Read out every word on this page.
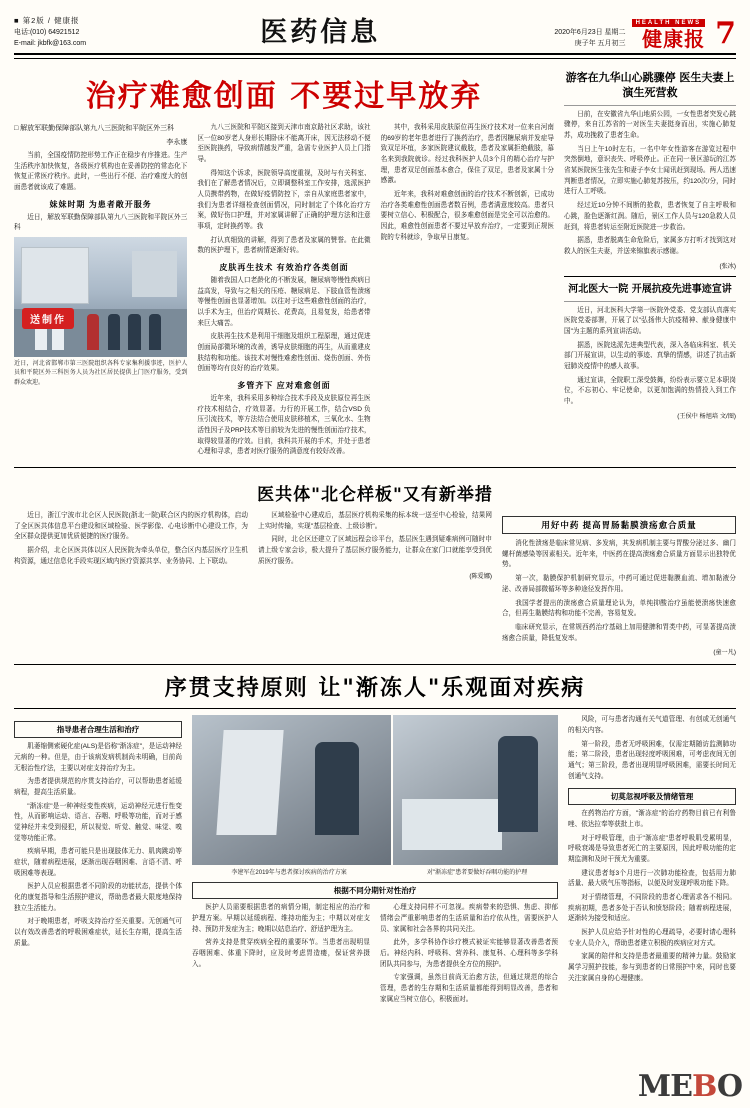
■ 第2版 / 健康报
电话:(010) 64921512
E-mail: jkbfk@163.com	医药信息	2020年6月23日 星期二
庚子年 五月初三
HEALTH NEWS
健康报 7
治疗难愈创面 不要过早放弃
□ 解放军联勤保障部队第九八三医院和平院区外三科
李永康

当前，全国疫情防控形势工作正在稳步有序推进。生产生活秩序加快恢复，各级医疗机构也在妥善防控的常态化下恢复正常医疗秩序。此时，一些出行不便、治疗难度大的创面患者就该成了难题。

妹妹时期 为患者敞开服务

近日，解放军联勤保障部队第九八三医院和平院区外三科

送制作
近日，河北省邯郸市第三医院组织各科专家集利援事迹，医护人员和平院区外三科医务人员为社区居民提供上门医疗服务，受到群众欢迎。

九八三医院和平院区接到天津市南京路社区求助，该社区一位80岁老人身形长期卧床不能离开床，因无法移动不便至医院换药，导致病情越发严重，急需专业医护人员上门指导。

得知这个诉求，医院领导高度重视，及时与有关科室、我们在了解患者情况后，立即调整科室工作安排，选派医护人员携带药物，在做好疫情防控下，亲自从家庭患者家中，我们为患者详细检查创面情况，同时制定了个体化治疗方案，做好伤口护理，并对家属讲解了正确的护理方法和注意事项，定时换药等。我

打认真细致的讲解，得到了患者及家属的赞誉。在此微数的医护理下，患者病情逐渐好转。

皮肤再生技术 有效治疗各类创面

随着我国人口老龄化的不断发展，糖尿病等慢性疾病日益高发，导致与之相关的压疮、糖尿病足、下肢血管性溃疡等慢性创面也显著增加。以往对于这些难愈性创面的治疗，以手术为主，但治疗周期长、花费高，且易复发，给患者带来巨大痛苦。

皮肤再生技术是利用干细胞及组织工程原理，通过促进创面局部微环境的改善，诱导皮肤细胞的再生，从而重建皮肤结构和功能。该技术对慢性难愈性创面、烧伤创面、外伤创面等均有良好的治疗效果。

多管齐下 应对难愈创面

近年来，我科采用多种综合技术手段及皮肤原位再生医疗技术相结合，疗效显著。力行的开展工作，结合VSD 负压引流技术，等方法结合使用皮肤移植术，三氧化水、生物活性因子及PRP技术等目前较为先进的慢性创面治疗技术，取得较显著的疗效。目前，我科共开展的手术，并处于患者心理和寻求，患者对医疗服务的满意度有较好改善。

其中，我科采用皮肤原位再生医疗技术对一位来自河南的69岁的老年患者进行了换药治疗，患者因糖尿病并发症导致双足坏疽，多家医院建议截肢，患者及家属拒绝截肢，慕名来到我院就诊。经过我科医护人员3个月的精心治疗与护理，患者双足创面基本愈合，保住了双足，患者及家属十分感激。

近年来，我科对难愈创面的治疗技术不断创新，已成功治疗各类难愈性创面患者数百例，患者满意度较高。患者只要树立信心、积极配合，很多难愈创面是完全可以治愈的。因此，难愈性创面患者不要过早放弃治疗，一定要到正规医院的专科就诊，争取早日康复。

游客在九华山心跳骤停 医生夫妻上演生死营救

日前，在安徽省九华山地质公园，一女性患者突发心跳骤停，来自江苏省的一对医生夫妻挺身而出，实施心肺复苏，成功挽救了患者生命。

当日上午10时左右，一名中年女性游客在游览过程中突然倒地，意识丧失、呼吸停止。正在同一景区游玩的江苏省某医院医生张先生和妻子李女士闻讯赶到现场。两人迅速判断患者情况，立即实施心肺复苏按压，约120次/分，同时进行人工呼吸。

经过近10分钟不间断的抢救，患者恢复了自主呼吸和心跳，脸色逐渐红润。随后，景区工作人员与120急救人员赶到，将患者转运至附近医院进一步救治。

据悉，患者脱离生命危险后，家属多方打听才找到这对救人的医生夫妻，并送来锦旗表示感谢。

(张冰)
河北医大一院 开展抗疫先进事迹宣讲

近日，河北医科大学第一医院外党委、党支部认真落实医院党委部署，开展了以"弘扬伟大抗疫精神、献身健康中国"为主题的系列宣讲活动。

据悉，医院选派先进典型代表，深入各临床科室、机关部门开展宣讲，以生动的事迹、真挚的情感，讲述了抗击新冠肺炎疫情中的感人故事。

通过宣讲，全院职工深受鼓舞，纷纷表示要立足本职岗位，不忘初心、牢记使命，以更加饱满的热情投入到工作中。

(王侯中 杨旭培 文/图)
医共体"北仑样板"又有新举措

近日，浙江宁波市北仑区人民医院(浙北一院)联合区内的医疗机构体，启动了全区医共体信息平台建设和区域检验、医学影像、心电诊断中心建设工作，为全区群众提供更加优质便捷的医疗服务。

据介绍，北仑区医共体以区人民医院为牵头单位，整合区内基层医疗卫生机构资源，通过信息化手段实现区域内医疗资源共享、业务协同、上下联动。

区域检验中心建成后，基层医疗机构采集的标本统一送至中心检验，结果网上实时传输，实现"基层检查、上级诊断"。

同时，北仑区还建立了区域远程会诊平台，基层医生遇到疑难病例可随时申请上级专家会诊，极大提升了基层医疗服务能力，让群众在家门口就能享受到优质医疗服务。

(陈爱娜)
用好中药 提高胃肠黏膜溃疡愈合质量

消化性溃疡是临床常见病、多发病，其发病机制主要与胃酸分泌过多、幽门螺杆菌感染等因素相关。近年来，中医药在提高溃疡愈合质量方面显示出独特优势。

第一次，黏膜保护机制研究显示，中药可通过促进黏膜血流、增加黏液分泌、改善局部微循环等多种途径发挥作用。

我国学者提出的溃疡愈合质量理论认为，单纯抑酸治疗虽能使溃疡快速愈合，但再生黏膜结构和功能不完善，容易复发。

临床研究显示，在常规西药治疗基础上加用健脾和胃类中药，可显著提高溃疡愈合质量，降低复发率。

(童一凡)
序贯支持原则 让"渐冻人"乐观面对疾病
指导患者合理生活和治疗

肌萎缩侧索硬化症(ALS)是俗称"渐冻症"，是运动神经元病的一种。但是，由于该病发病机制尚未明确，目前尚无根治性疗法，主要以对症支持治疗为主。

为患者提供规范的序贯支持治疗，可以帮助患者延缓病程，提高生活质量。

"渐冻症"是一种神经变性疾病，运动神经元进行性变性，从而影响运动、语言、吞咽、呼吸等功能，而对于感觉神经并未受到侵犯，所以视觉、听觉、触觉、味觉、嗅觉等功能正常。

疾病早期，患者可能只是出现肢体无力、肌肉跳动等症状，随着病程进展，逐渐出现吞咽困难、言语不清、呼吸困难等表现。

医护人员应根据患者不同阶段的功能状态，提供个体化的康复指导和生活照护建议，帮助患者最大限度地保持独立生活能力。

对于晚期患者，呼吸支持治疗至关重要。无创通气可以有效改善患者的呼吸困难症状，延长生存期，提高生活质量。

李建军在2019年与患者探讨疾病的治疗方案	对"渐冻症"患者要做好吞咽功能的护理
根据不同分期针对性治疗

医护人员需要根据患者的病情分期，制定相应的治疗和护理方案。早期以延缓病程、维持功能为主；中期以对症支持、预防并发症为主；晚期以姑息治疗、舒适护理为主。

营养支持是贯穿疾病全程的重要环节。当患者出现明显吞咽困难、体重下降时，应及时考虑胃造瘘，保证营养摄入。

心理支持同样不可忽视。疾病带来的恐惧、焦虑、抑郁情绪会严重影响患者的生活质量和治疗依从性，需要医护人员、家属和社会各界的共同关注。

此外，多学科协作诊疗模式被证实能够显著改善患者预后。神经内科、呼吸科、营养科、康复科、心理科等多学科团队共同参与，为患者提供全方位的照护。

专家强调，虽然目前尚无治愈方法，但通过规范的综合管理，患者的生存期和生活质量都能得到明显改善，患者和家属应当树立信心，积极面对。

风险，可与患者沟通有关气道管理、有创或无创通气的相关内容。

第一阶段，患者无呼吸困难，仅需定期随访监测肺功能；第二阶段，患者出现轻度呼吸困难，可考虑夜间无创通气；第三阶段，患者出现明显呼吸困难，需要长时间无创通气支持。

切莫忽视呼吸及情绪管理

在药物治疗方面，"渐冻症"的治疗药物目前已有利鲁唑、依达拉奉等获批上市。

对于呼吸管理，由于"渐冻症"患者呼吸肌受累明显，呼吸衰竭是导致患者死亡的主要原因，因此呼吸功能的定期监测和及时干预尤为重要。

建议患者每3个月进行一次肺功能检查，包括用力肺活量、最大吸气压等指标，以便及时发现呼吸功能下降。

对于情绪管理，不同阶段的患者心理需求各不相同。疾病初期，患者多处于否认和愤怒阶段；随着病程进展，逐渐转为接受和适应。

医护人员应给予针对性的心理疏导，必要时请心理科专业人员介入，帮助患者建立积极的疾病应对方式。

家属的陪伴和支持是患者最重要的精神力量。鼓励家属学习照护技能，参与到患者的日常照护中来，同时也要关注家属自身的心理健康。

MEBO
